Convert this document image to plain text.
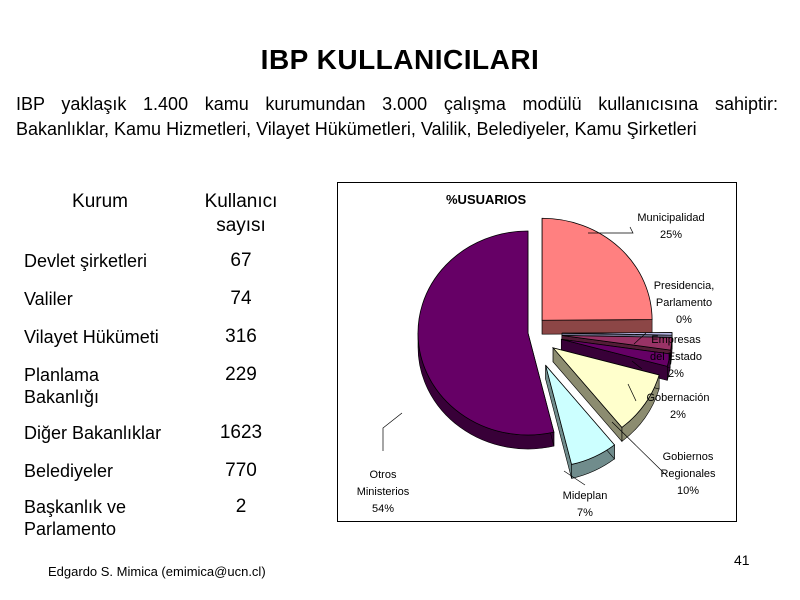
IBP KULLANICILARI
IBP yaklaşık 1.400 kamu kurumundan 3.000 çalışma modülü kullanıcısına sahiptir:
Bakanlıklar, Kamu Hizmetleri, Vilayet Hükümetleri, Valilik, Belediyeler, Kamu Şirketleri
Kurum	Kullanıcı
sayısı

Devlet şirketleri	67

Valiler	74

Vilayet Hükümeti	316

Planlama
Bakanlığı	229

Diğer Bakanlıklar	1623

Belediyeler	770

Başkanlık ve
Parlamento	2
%USUARIOS
Municipalidad
25%
Presidencia,
Parlamento
0%
Empresas
del Estado
2%
Gobernación
2%
Gobiernos
Regionales
10%
Mideplan
7%
Otros
Ministerios
54%
Edgardo S. Mimica (emimica@ucn.cl)
41
